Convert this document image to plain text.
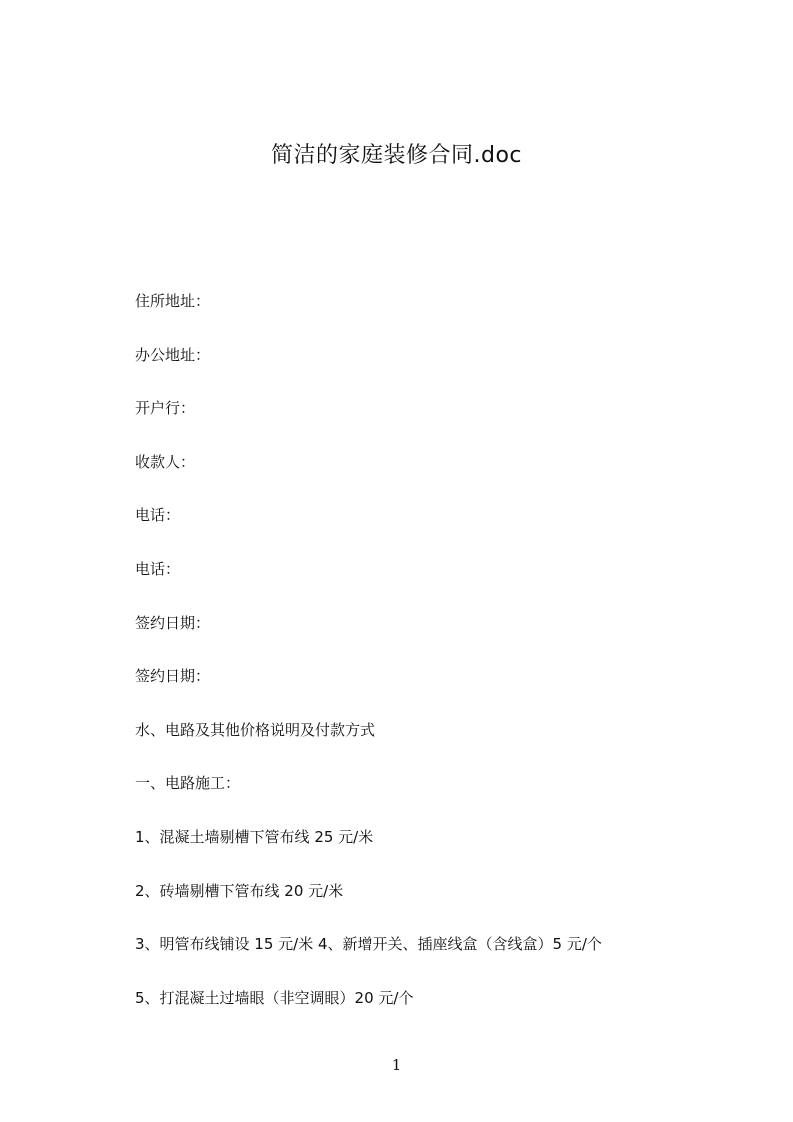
简洁的家庭装修合同.doc
住所地址：
办公地址：
开户行：
收款人：
电话：
电话：
签约日期：
签约日期：
水、电路及其他价格说明及付款方式
一、电路施工：
1、混凝土墙剔槽下管布线 25 元/米
2、砖墙剔槽下管布线 20 元/米
3、明管布线铺设 15 元/米 4、新增开关、插座线盒（含线盒）5 元/个
5、打混凝土过墙眼（非空调眼）20 元/个
1
